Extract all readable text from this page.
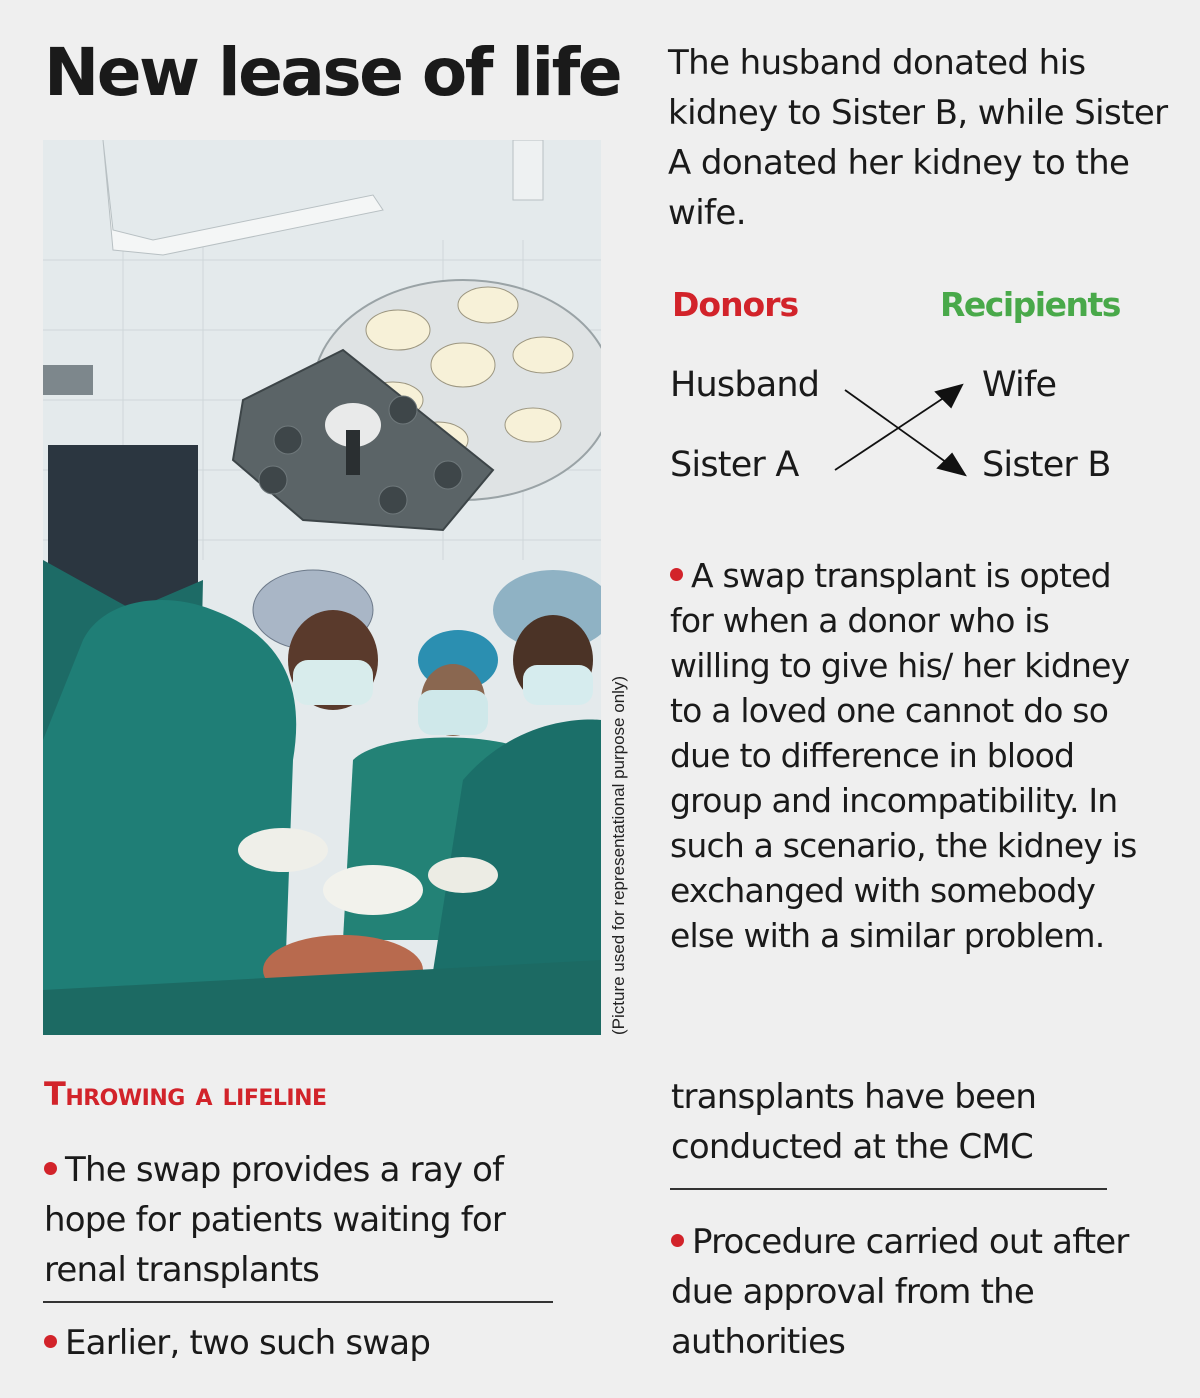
New lease of life
(Picture used for representational purpose only)
The husband donated his kidney to Sister B, while Sister A donated her kidney to the wife.
Donors	Recipients
Husband
Sister A
Wife
Sister B
A swap transplant is opted for when a donor who is willing to give his/ her kidney to a loved one cannot do so due to difference in blood group and incompatibility. In such a scenario, the kidney is exchanged with somebody else with a similar problem.
Throwing a lifeline
The swap provides a ray of hope for patients waiting for renal transplants
Earlier, two such swap
transplants have been conducted at the CMC
Procedure carried out after due approval from the authorities
